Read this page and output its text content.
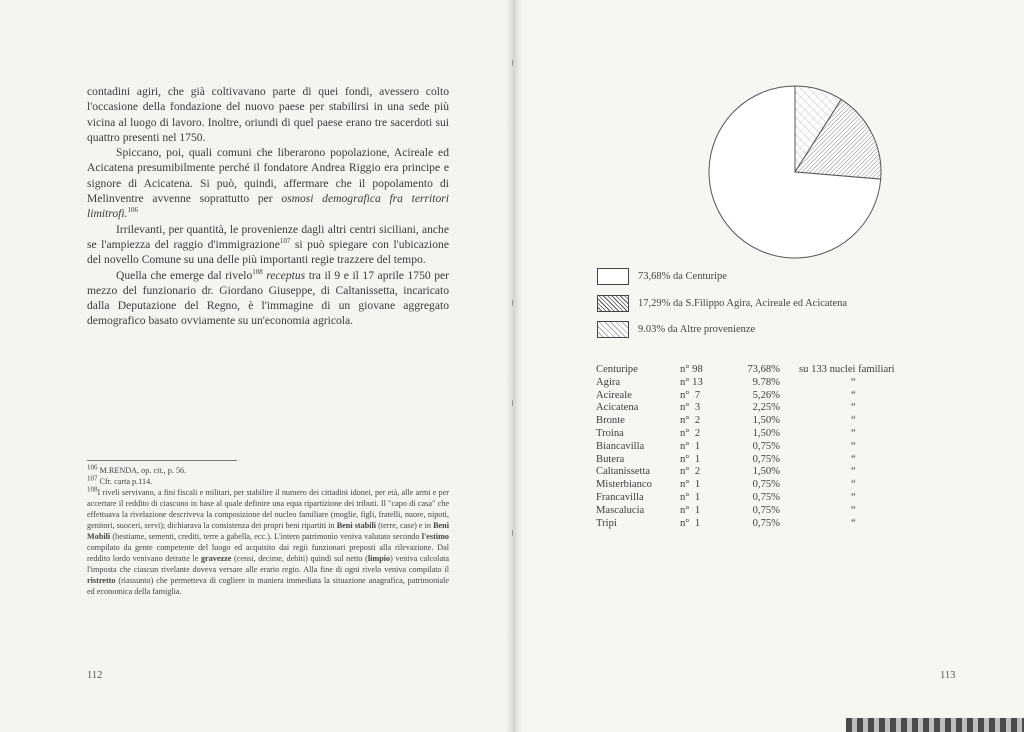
contadini agiri, che già coltivavano parte di quei fondi, avessero colto l'occasione della fondazione del nuovo paese per stabilirsi in una sede più vicina al luogo di lavoro. Inoltre, oriundi di quel paese erano tre sacerdoti sui quattro presenti nel 1750.

Spiccano, poi, quali comuni che liberarono popolazione, Acireale ed Acicatena presumibilmente perché il fondatore Andrea Riggio era principe e signore di Acicatena. Si può, quindi, affermare che il popolamento di Melinventre avvenne soprattutto per osmosi demografica fra territori limitrofi.$^{106}$

Irrilevanti, per quantità, le provenienze dagli altri centri siciliani, anche se l'ampiezza del raggio d'immigrazione$^{107}$ si può spiegare con l'ubicazione del novello Comune su una delle più importanti regie trazzere del tempo.

Quella che emerge dal rivelo$^{108}$ receptus tra il 9 e il 17 aprile 1750 per mezzo del funzionario dr. Giordano Giuseppe, di Caltanissetta, incaricato dalla Deputazione del Regno, è l'immagine di un giovane aggregato demografico basato ovviamente su un'economia agricola.

$^{106}$ M.RENDA, op. cit., p. 56.

$^{107}$ Cfr. carta p.114.

$^{108}$I riveli servivano, a fini fiscali e militari, per stabilire il numero dei cittadini idonei, per età, alle armi e per accertare il reddito di ciascuno in base al quale definire una equa ripartizione dei tributi. Il "capo di casa" che effettuava la rivelazione descriveva la composizione del nucleo familiare (moglie, figli, fratelli, nuore, nipoti, genitori, suoceri, servi); dichiarava la consistenza dei propri beni ripartiti in Beni stabili (terre, case) e in Beni Mobili (bestiame, sementi, crediti, terre a gabella, ecc.). L'intero patrimonio veniva valutato secondo l'estimo compilato da gente competente del luogo ed acquisito dai regii funzionari preposti alla rilevazione. Dal reddito lordo venivano detratte le gravezze (censi, decime, debiti) quindi sul netto (limpio) veniva calcolata l'imposta che ciascun rivelante doveva versare alle erario regio. Alla fine di ogni rivelo veniva compilato il ristretto (riassunto) che permetteva di cogliere in maniera immediata la situazione anagrafica, patrimoniale ed economica della famiglia.

112
73,68% da Centuripe
17,29% da S.Filippo Agira, Acireale ed Acicatena
9.03% da Altre provenienze
Centuripe	n° 98	73,68%	su 133 nuclei familiari
Agira	n° 13	9.78%	“
Acireale	n°  7	5,26%	“
Acicatena	n°  3	2,25%	“
Bronte	n°  2	1,50%	“
Troina	n°  2	1,50%	“
Biancavilla	n°  1	0,75%	“
Butera	n°  1	0,75%	“
Caltanissetta	n°  2	1,50%	“
Misterbianco	n°  1	0,75%	“
Francavilla	n°  1	0,75%	“
Mascalucia	n°  1	0,75%	“
Tripi	n°  1	0,75%	“
113
